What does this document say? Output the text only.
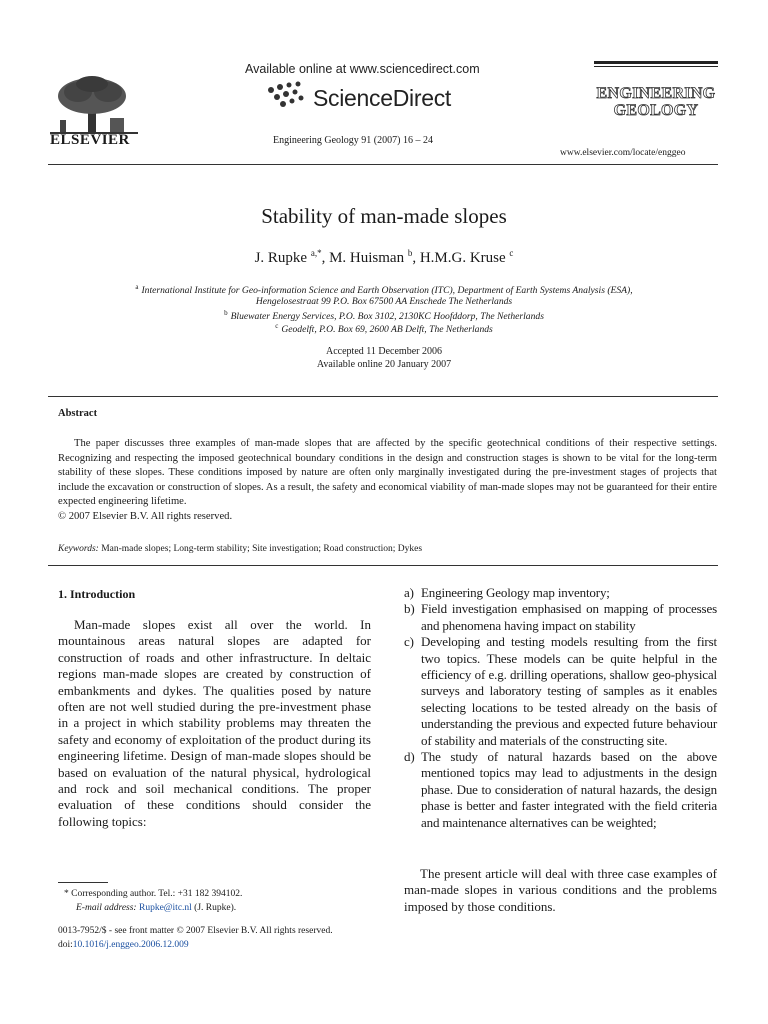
ELSEVIER
Available online at www.sciencedirect.com
ScienceDirect
Engineering Geology 91 (2007) 16 – 24
ENGINEERING
GEOLOGY
www.elsevier.com/locate/enggeo
Stability of man-made slopes
J. Rupke $^{a,*}$, M. Huisman $^b$, H.M.G. Kruse $^c$
$^a$ International Institute for Geo-information Science and Earth Observation (ITC), Department of Earth Systems Analysis (ESA),
Hengelosestraat 99 P.O. Box 67500 AA Enschede The Netherlands
$^b$ Bluewater Energy Services, P.O. Box 3102, 2130KC Hoofddorp, The Netherlands
$^c$ Geodelft, P.O. Box 69, 2600 AB Delft, The Netherlands
Accepted 11 December 2006
Available online 20 January 2007
Abstract

The paper discusses three examples of man-made slopes that are affected by the specific geotechnical conditions of their respective settings. Recognizing and respecting the imposed geotechnical boundary conditions in the design and construction stages is shown to be vital for the long-term stability of these slopes. These conditions imposed by nature are often only marginally investigated during the pre-investment stages of projects that include the excavation or construction of slopes. As a result, the safety and economical viability of man-made slopes may not be guaranteed for their entire expected engineering lifetime.

© 2007 Elsevier B.V. All rights reserved.

Keywords: Man-made slopes; Long-term stability; Site investigation; Road construction; Dykes
1. Introduction

Man-made slopes exist all over the world. In mountainous areas natural slopes are adapted for construction of roads and other infrastructure. In deltaic regions man-made slopes are created by construction of embankments and dykes. The qualities posed by nature often are not well studied during the pre-investment phase in a project in which stability problems may threaten the safety and economy of exploitation of the product during its engineering lifetime. Design of man-made slopes should be based on evaluation of the natural physical, hydrological and rock and soil mechanical conditions. The proper evaluation of these conditions should consider the following topics:

* Corresponding author. Tel.: +31 182 394102.
E-mail address: Rupke@itc.nl (J. Rupke).
0013-7952/$ - see front matter © 2007 Elsevier B.V. All rights reserved.
doi:10.1016/j.enggeo.2006.12.009
a) Engineering Geology map inventory;
b) Field investigation emphasised on mapping of processes and phenomena having impact on stability
c) Developing and testing models resulting from the first two topics. These models can be quite helpful in the efficiency of e.g. drilling operations, shallow geo-physical surveys and laboratory testing of samples as it enables selecting locations to be tested already on the basis of understanding the previous and expected future behaviour of stability and materials of the constructing site.
d) The study of natural hazards based on the above mentioned topics may lead to adjustments in the design phase. Due to consideration of natural hazards, the design phase is better and faster integrated with the field criteria and maintenance alternatives can be weighted;

The present article will deal with three case examples of man-made slopes in various conditions and the problems imposed by those conditions.
